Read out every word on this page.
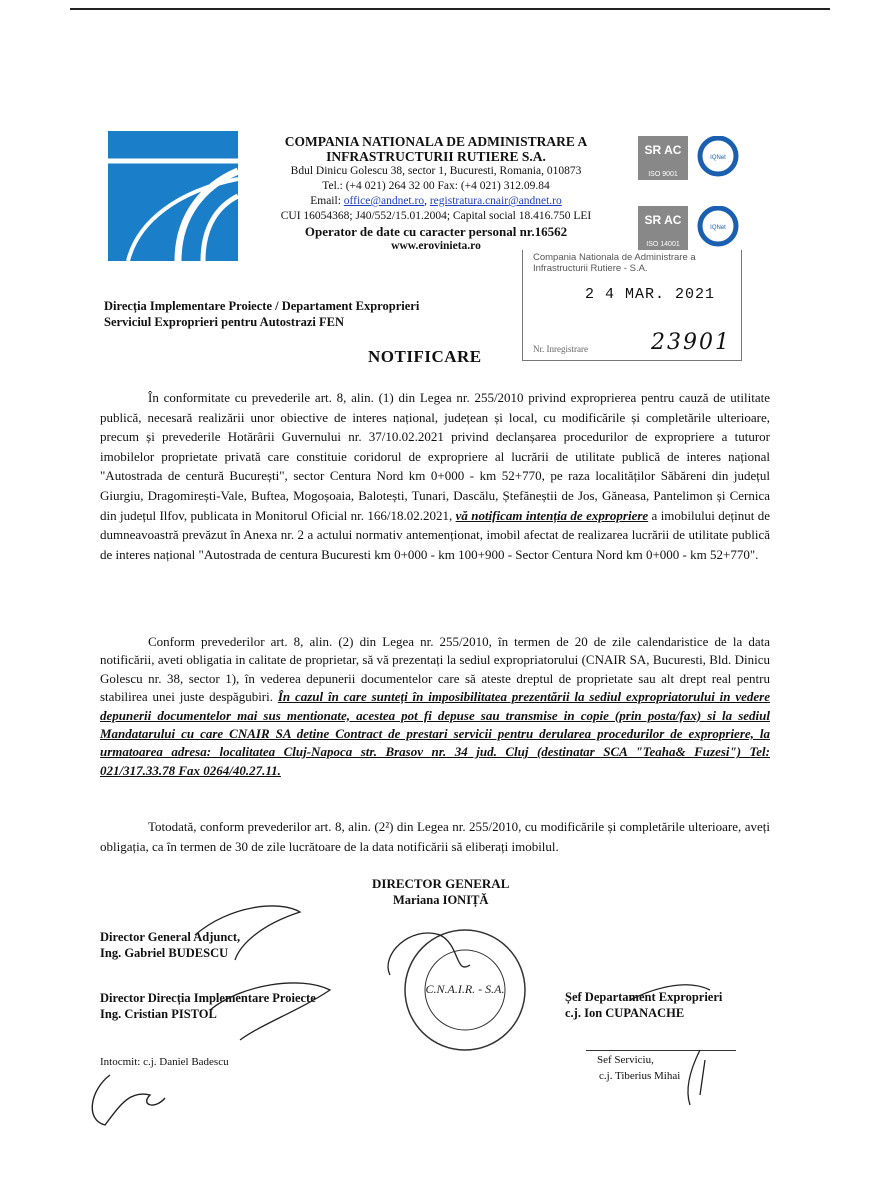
COMPANIA NATIONALA DE ADMINISTRARE A
INFRASTRUCTURII RUTIERE S.A.
Bdul Dinicu Golescu 38, sector 1, Bucuresti, Romania, 010873
Tel.: (+4 021) 264 32 00 Fax: (+4 021) 312.09.84
Email: office@andnet.ro, registratura.cnair@andnet.ro
CUI 16054368; J40/552/15.01.2004; Capital social 18.416.750 LEI
Operator de date cu caracter personal nr.16562
www.erovinieta.ro
SR AC
ISO 9001
IQNet
SR AC
ISO 14001
IQNet
Compania Nationala de Administrare a Infrastructurii Rutiere - S.A.
2 4 MAR. 2021
Nr. Inregistrare	23901
Direcția Implementare Proiecte / Departament Exproprieri
Serviciul Exproprieri pentru Autostrazi FEN
NOTIFICARE

În conformitate cu prevederile art. 8, alin. (1) din Legea nr. 255/2010 privind exproprierea pentru cauză de utilitate publică, necesară realizării unor obiective de interes național, județean și local, cu modificările și completările ulterioare, precum și prevederile Hotărârii Guvernului nr. 37/10.02.2021 privind declanșarea procedurilor de expropriere a tuturor imobilelor proprietate privată care constituie coridorul de expropriere al lucrării de utilitate publică de interes național "Autostrada de centură București", sector Centura Nord km 0+000 - km 52+770, pe raza localităților Săbăreni din județul Giurgiu, Dragomirești-Vale, Buftea, Mogoșoaia, Balotești, Tunari, Dascălu, Ștefăneștii de Jos, Găneasa, Pantelimon și Cernica din județul Ilfov, publicata in Monitorul Oficial nr. 166/18.02.2021, vă notificam intenția de expropriere a imobilului deținut de dumneavoastră prevăzut în Anexa nr. 2 a actului normativ antemenționat, imobil afectat de realizarea lucrării de utilitate publică de interes național "Autostrada de centura Bucuresti km 0+000 - km 100+900 - Sector Centura Nord km 0+000 - km 52+770".

Conform prevederilor art. 8, alin. (2) din Legea nr. 255/2010, în termen de 20 de zile calendaristice de la data notificării, aveti obligatia in calitate de proprietar, să vă prezentați la sediul expropriatorului (CNAIR SA, Bucuresti, Bld. Dinicu Golescu nr. 38, sector 1), în vederea depunerii documentelor care să ateste dreptul de proprietate sau alt drept real pentru stabilirea unei juste despăgubiri. În cazul în care sunteți în imposibilitatea prezentării la sediul expropriatorului in vedere depunerii documentelor mai sus mentionate, acestea pot fi depuse sau transmise in copie (prin posta/fax) si la sediul Mandatarului cu care CNAIR SA detine Contract de prestari servicii pentru derularea procedurilor de expropriere, la urmatoarea adresa: localitatea Cluj-Napoca str. Brasov nr. 34 jud. Cluj (destinatar SCA "Teaha& Fuzesi") Tel: 021/317.33.78 Fax 0264/40.27.11.

Totodată, conform prevederilor art. 8, alin. (2²) din Legea nr. 255/2010, cu modificările și completările ulterioare, aveți obligația, ca în termen de 30 de zile lucrătoare de la data notificării să eliberați imobilul.

DIRECTOR GENERAL
Mariana IONIȚĂ
Director General Adjunct,
Ing. Gabriel BUDESCU
Director Direcția Implementare Proiecte
Ing. Cristian PISTOL
Șef Departament Exproprieri
c.j. Ion CUPANACHE
Sef Serviciu,
c.j. Tiberius Mihai
Intocmit: c.j. Daniel Badescu
C.N.A.I.R. - S.A.
